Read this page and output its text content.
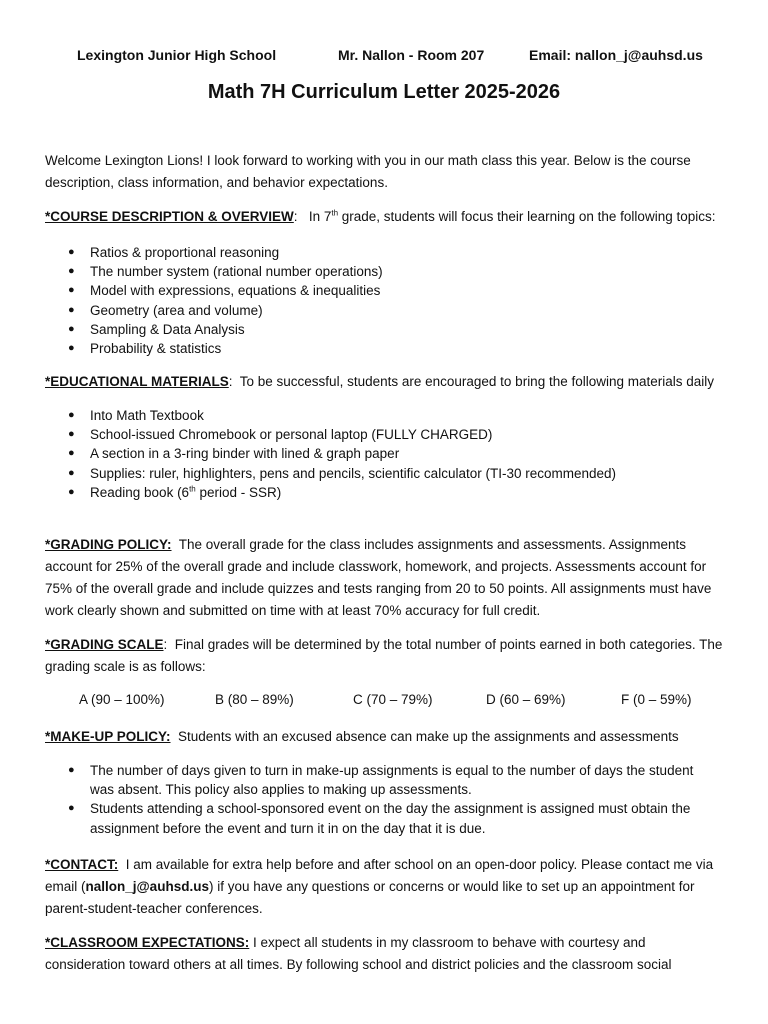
Lexington Junior High School	Mr. Nallon - Room 207	Email: nallon_j@auhsd.us
Math 7H Curriculum Letter 2025-2026
Welcome Lexington Lions! I look forward to working with you in our math class this year. Below is the course description, class information, and behavior expectations.
*COURSE DESCRIPTION & OVERVIEW:   In 7th grade, students will focus their learning on the following topics:
● Ratios & proportional reasoning
● The number system (rational number operations)
● Model with expressions, equations & inequalities
● Geometry (area and volume)
● Sampling & Data Analysis
● Probability & statistics
*EDUCATIONAL MATERIALS:  To be successful, students are encouraged to bring the following materials daily
● Into Math Textbook
● School-issued Chromebook or personal laptop (FULLY CHARGED)
● A section in a 3-ring binder with lined & graph paper
● Supplies: ruler, highlighters, pens and pencils, scientific calculator (TI-30 recommended)
● Reading book (6th period - SSR)
*GRADING POLICY: The overall grade for the class includes assignments and assessments. Assignments account for 25% of the overall grade and include classwork, homework, and projects. Assessments account for 75% of the overall grade and include quizzes and tests ranging from 20 to 50 points. All assignments must have work clearly shown and submitted on time with at least 70% accuracy for full credit.
*GRADING SCALE:  Final grades will be determined by the total number of points earned in both categories. The grading scale is as follows:
A (90 – 100%)	B (80 – 89%)	C (70 – 79%)	D (60 – 69%)	F (0 – 59%)
*MAKE-UP POLICY: Students with an excused absence can make up the assignments and assessments
● The number of days given to turn in make-up assignments is equal to the number of days the student was absent. This policy also applies to making up assessments.
● Students attending a school-sponsored event on the day the assignment is assigned must obtain the assignment before the event and turn it in on the day that it is due.
*CONTACT: I am available for extra help before and after school on an open-door policy. Please contact me via email (nallon_j@auhsd.us) if you have any questions or concerns or would like to set up an appointment for parent-student-teacher conferences.
*CLASSROOM EXPECTATIONS: I expect all students in my classroom to behave with courtesy and consideration toward others at all times. By following school and district policies and the classroom social
